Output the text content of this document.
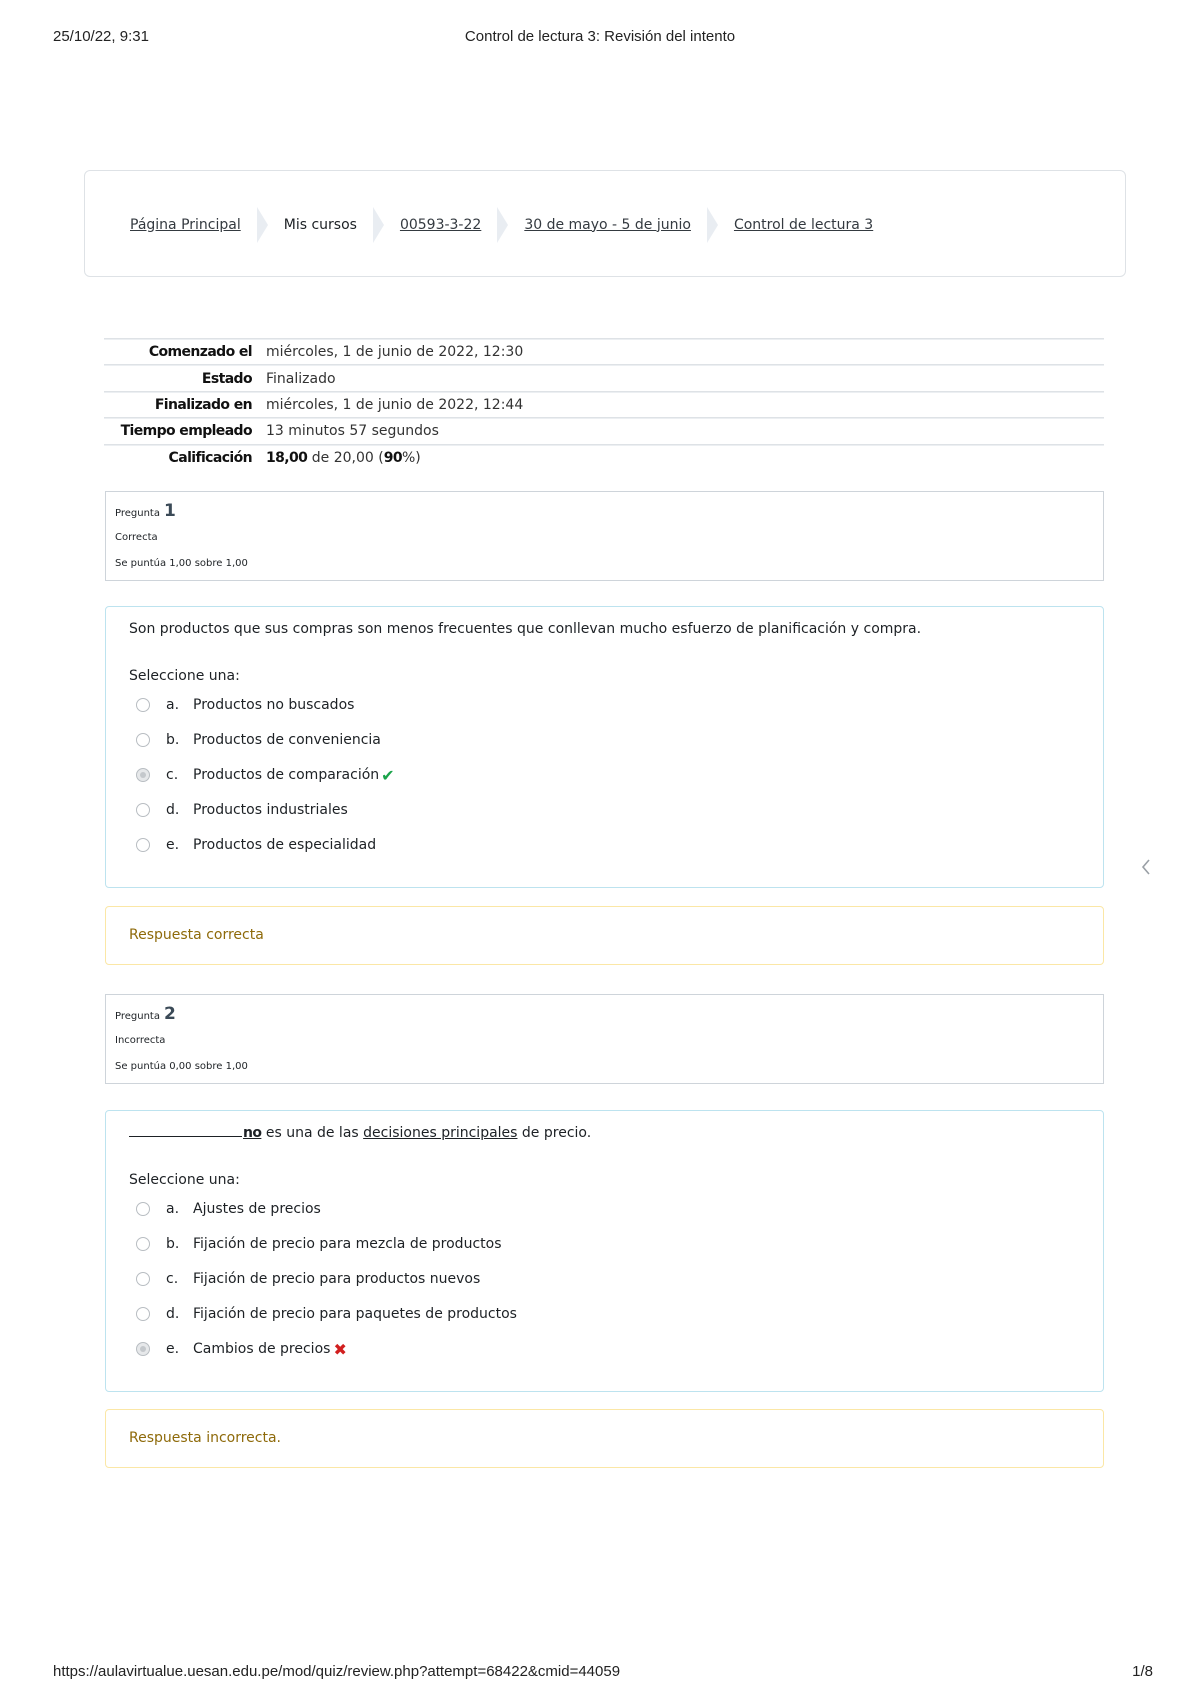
25/10/22, 9:31	Control de lectura 3: Revisión del intento
Página Principal	Mis cursos	00593-3-22	30 de mayo - 5 de junio	Control de lectura 3
Comenzado el	miércoles, 1 de junio de 2022, 12:30
Estado	Finalizado
Finalizado en	miércoles, 1 de junio de 2022, 12:44
Tiempo empleado	13 minutos 57 segundos
Calificación	18,00 de 20,00 (90%)
Pregunta 1
Correcta
Se puntúa 1,00 sobre 1,00
Son productos que sus compras son menos frecuentes que conllevan mucho esfuerzo de planificación y compra.
Seleccione una:
a. Productos no buscados
b. Productos de conveniencia
c.	Productos de comparación ✔
d. Productos industriales
e. Productos de especialidad
Respuesta correcta
Pregunta 2
Incorrecta
Se puntúa 0,00 sobre 1,00
no es una de las decisiones principales de precio.
Seleccione una:
a. Ajustes de precios
b. Fijación de precio para mezcla de productos
c.	Fijación de precio para productos nuevos
d. Fijación de precio para paquetes de productos
e. Cambios de precios ✖
Respuesta incorrecta.
https://aulavirtualue.uesan.edu.pe/mod/quiz/review.php?attempt=68422&cmid=44059	1/8
